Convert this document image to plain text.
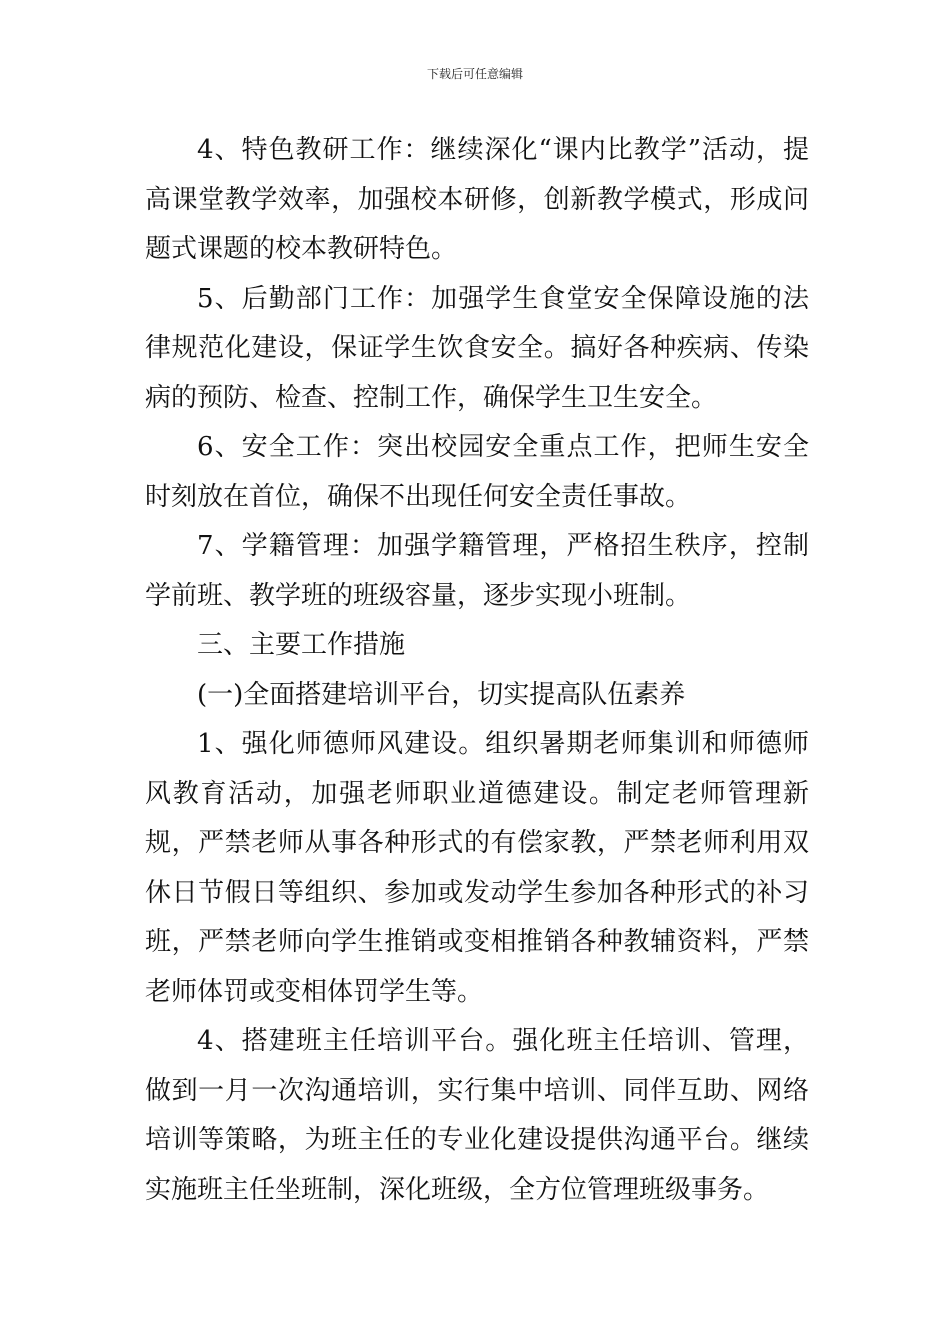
下载后可任意编辑

4、特色教研工作：继续深化“课内比教学”活动，提高课堂教学效率，加强校本研修，创新教学模式，形成问题式课题的校本教研特色。

5、后勤部门工作：加强学生食堂安全保障设施的法律规范化建设，保证学生饮食安全。搞好各种疾病、传染病的预防、检查、控制工作，确保学生卫生安全。

6、安全工作：突出校园安全重点工作，把师生安全时刻放在首位，确保不出现任何安全责任事故。

7、学籍管理：加强学籍管理，严格招生秩序，控制学前班、教学班的班级容量，逐步实现小班制。

三、主要工作措施

(一)全面搭建培训平台，切实提高队伍素养

1、强化师德师风建设。组织暑期老师集训和师德师风教育活动，加强老师职业道德建设。制定老师管理新规，严禁老师从事各种形式的有偿家教，严禁老师利用双休日节假日等组织、参加或发动学生参加各种形式的补习班，严禁老师向学生推销或变相推销各种教辅资料，严禁老师体罚或变相体罚学生等。

4、搭建班主任培训平台。强化班主任培训、管理，做到一月一次沟通培训，实行集中培训、同伴互助、网络培训等策略，为班主任的专业化建设提供沟通平台。继续实施班主任坐班制，深化班级，全方位管理班级事务。
